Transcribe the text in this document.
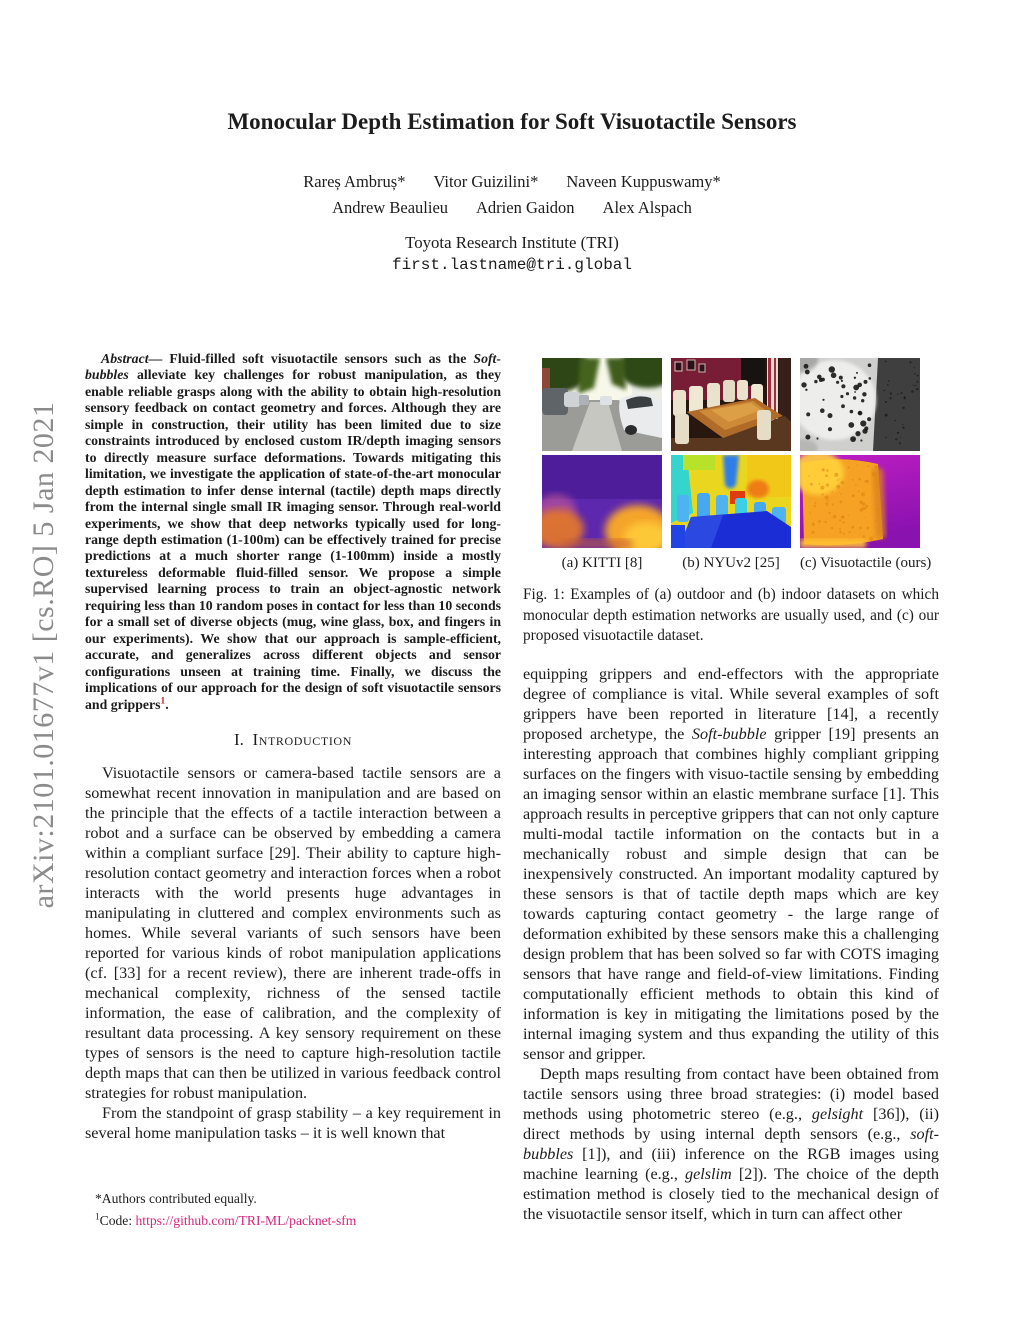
arXiv:2101.01677v1 [cs.RO] 5 Jan 2021
Monocular Depth Estimation for Soft Visuotactile Sensors
Rareș Ambruș* Vitor Guizilini* Naveen Kuppuswamy*
Andrew Beaulieu Adrien Gaidon Alex Alspach
Toyota Research Institute (TRI)
first.lastname@tri.global

Abstract— Fluid-filled soft visuotactile sensors such as the Soft-bubbles alleviate key challenges for robust manipulation, as they enable reliable grasps along with the ability to obtain high-resolution sensory feedback on contact geometry and forces. Although they are simple in construction, their utility has been limited due to size constraints introduced by enclosed custom IR/depth imaging sensors to directly measure surface deformations. Towards mitigating this limitation, we investigate the application of state-of-the-art monocular depth estimation to infer dense internal (tactile) depth maps directly from the internal single small IR imaging sensor. Through real-world experiments, we show that deep networks typically used for long-range depth estimation (1-100m) can be effectively trained for precise predictions at a much shorter range (1-100mm) inside a mostly textureless deformable fluid-filled sensor. We propose a simple supervised learning process to train an object-agnostic network requiring less than 10 random poses in contact for less than 10 seconds for a small set of diverse objects (mug, wine glass, box, and fingers in our experiments). We show that our approach is sample-efficient, accurate, and generalizes across different objects and sensor configurations unseen at training time. Finally, we discuss the implications of our approach for the design of soft visuotactile sensors and grippers$^1$.

I. Introduction

Visuotactile sensors or camera-based tactile sensors are a somewhat recent innovation in manipulation and are based on the principle that the effects of a tactile interaction between a robot and a surface can be observed by embedding a camera within a compliant surface [29]. Their ability to capture high-resolution contact geometry and interaction forces when a robot interacts with the world presents huge advantages in manipulating in cluttered and complex environments such as homes. While several variants of such sensors have been reported for various kinds of robot manipulation applications (cf. [33] for a recent review), there are inherent trade-offs in mechanical complexity, richness of the sensed tactile information, the ease of calibration, and the complexity of resultant data processing. A key sensory requirement on these types of sensors is the need to capture high-resolution tactile depth maps that can then be utilized in various feedback control strategies for robust manipulation.

From the standpoint of grasp stability – a key requirement in several home manipulation tasks – it is well known that

(a) KITTI [8]	(b) NYUv2 [25]	(c) Visuotactile (ours)
Fig. 1: Examples of (a) outdoor and (b) indoor datasets on which monocular depth estimation networks are usually used, and (c) our proposed visuotactile dataset.

equipping grippers and end-effectors with the appropriate degree of compliance is vital. While several examples of soft grippers have been reported in literature [14], a recently proposed archetype, the Soft-bubble gripper [19] presents an interesting approach that combines highly compliant gripping surfaces on the fingers with visuo-tactile sensing by embedding an imaging sensor within an elastic membrane surface [1]. This approach results in perceptive grippers that can not only capture multi-modal tactile information on the contacts but in a mechanically robust and simple design that can be inexpensively constructed. An important modality captured by these sensors is that of tactile depth maps which are key towards capturing contact geometry - the large range of deformation exhibited by these sensors make this a challenging design problem that has been solved so far with COTS imaging sensors that have range and field-of-view limitations. Finding computationally efficient methods to obtain this kind of information is key in mitigating the limitations posed by the internal imaging system and thus expanding the utility of this sensor and gripper.

Depth maps resulting from contact have been obtained from tactile sensors using three broad strategies: (i) model based methods using photometric stereo (e.g., gelsight [36]), (ii) direct methods by using internal depth sensors (e.g., soft-bubbles [1]), and (iii) inference on the RGB images using machine learning (e.g., gelslim [2]). The choice of the depth estimation method is closely tied to the mechanical design of the visuotactile sensor itself, which in turn can affect other

*Authors contributed equally.
$^1$Code: https://github.com/TRI-ML/packnet-sfm
